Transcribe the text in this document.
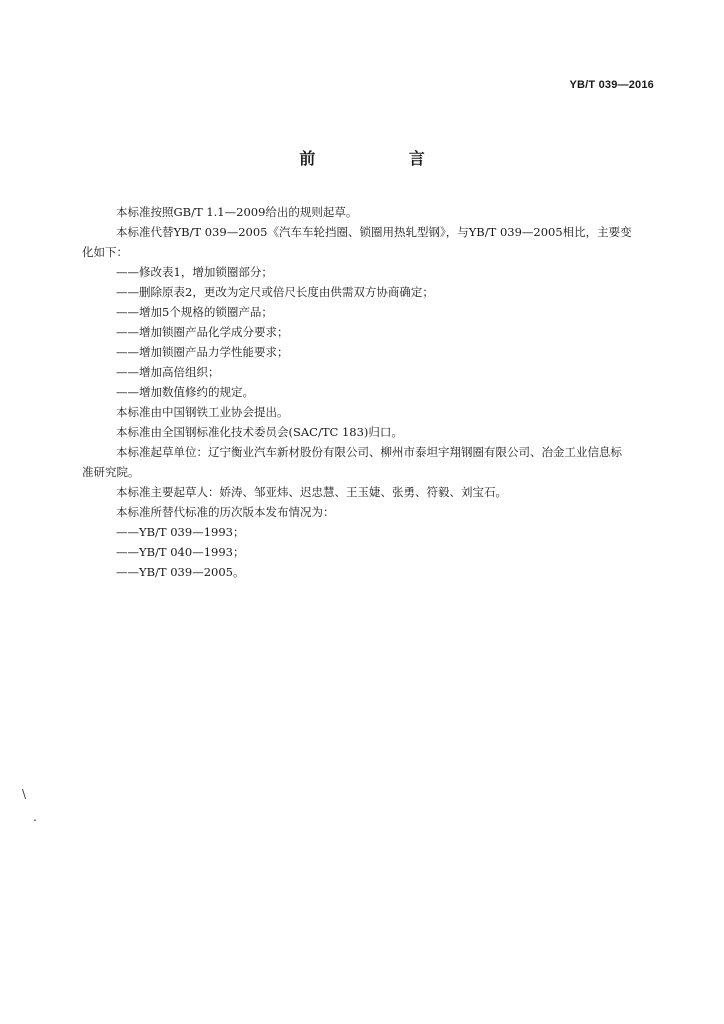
YB/T 039—2016
前 言
本标准按照GB/T 1.1—2009给出的规则起草。
本标准代替YB/T 039—2005《汽车车轮挡圈、锁圈用热轧型钢》，与YB/T 039—2005相比，主要变
化如下：
——修改表1，增加锁圈部分；
——删除原表2，更改为定尺或倍尺长度由供需双方协商确定；
——增加5个规格的锁圈产品；
——增加锁圈产品化学成分要求；
——增加锁圈产品力学性能要求；
——增加高倍组织；
——增加数值修约的规定。
本标准由中国钢铁工业协会提出。
本标准由全国钢标准化技术委员会(SAC/TC 183)归口。
本标准起草单位：辽宁衡业汽车新材股份有限公司、柳州市泰坦宇翔钢圈有限公司、冶金工业信息标
准研究院。
本标准主要起草人：娇涛、邹亚炜、迟忠慧、王玉婕、张勇、符毅、刘宝石。
本标准所替代标准的历次版本发布情况为：
——YB/T 039—1993；
——YB/T 040—1993；
——YB/T 039—2005。
\
.
